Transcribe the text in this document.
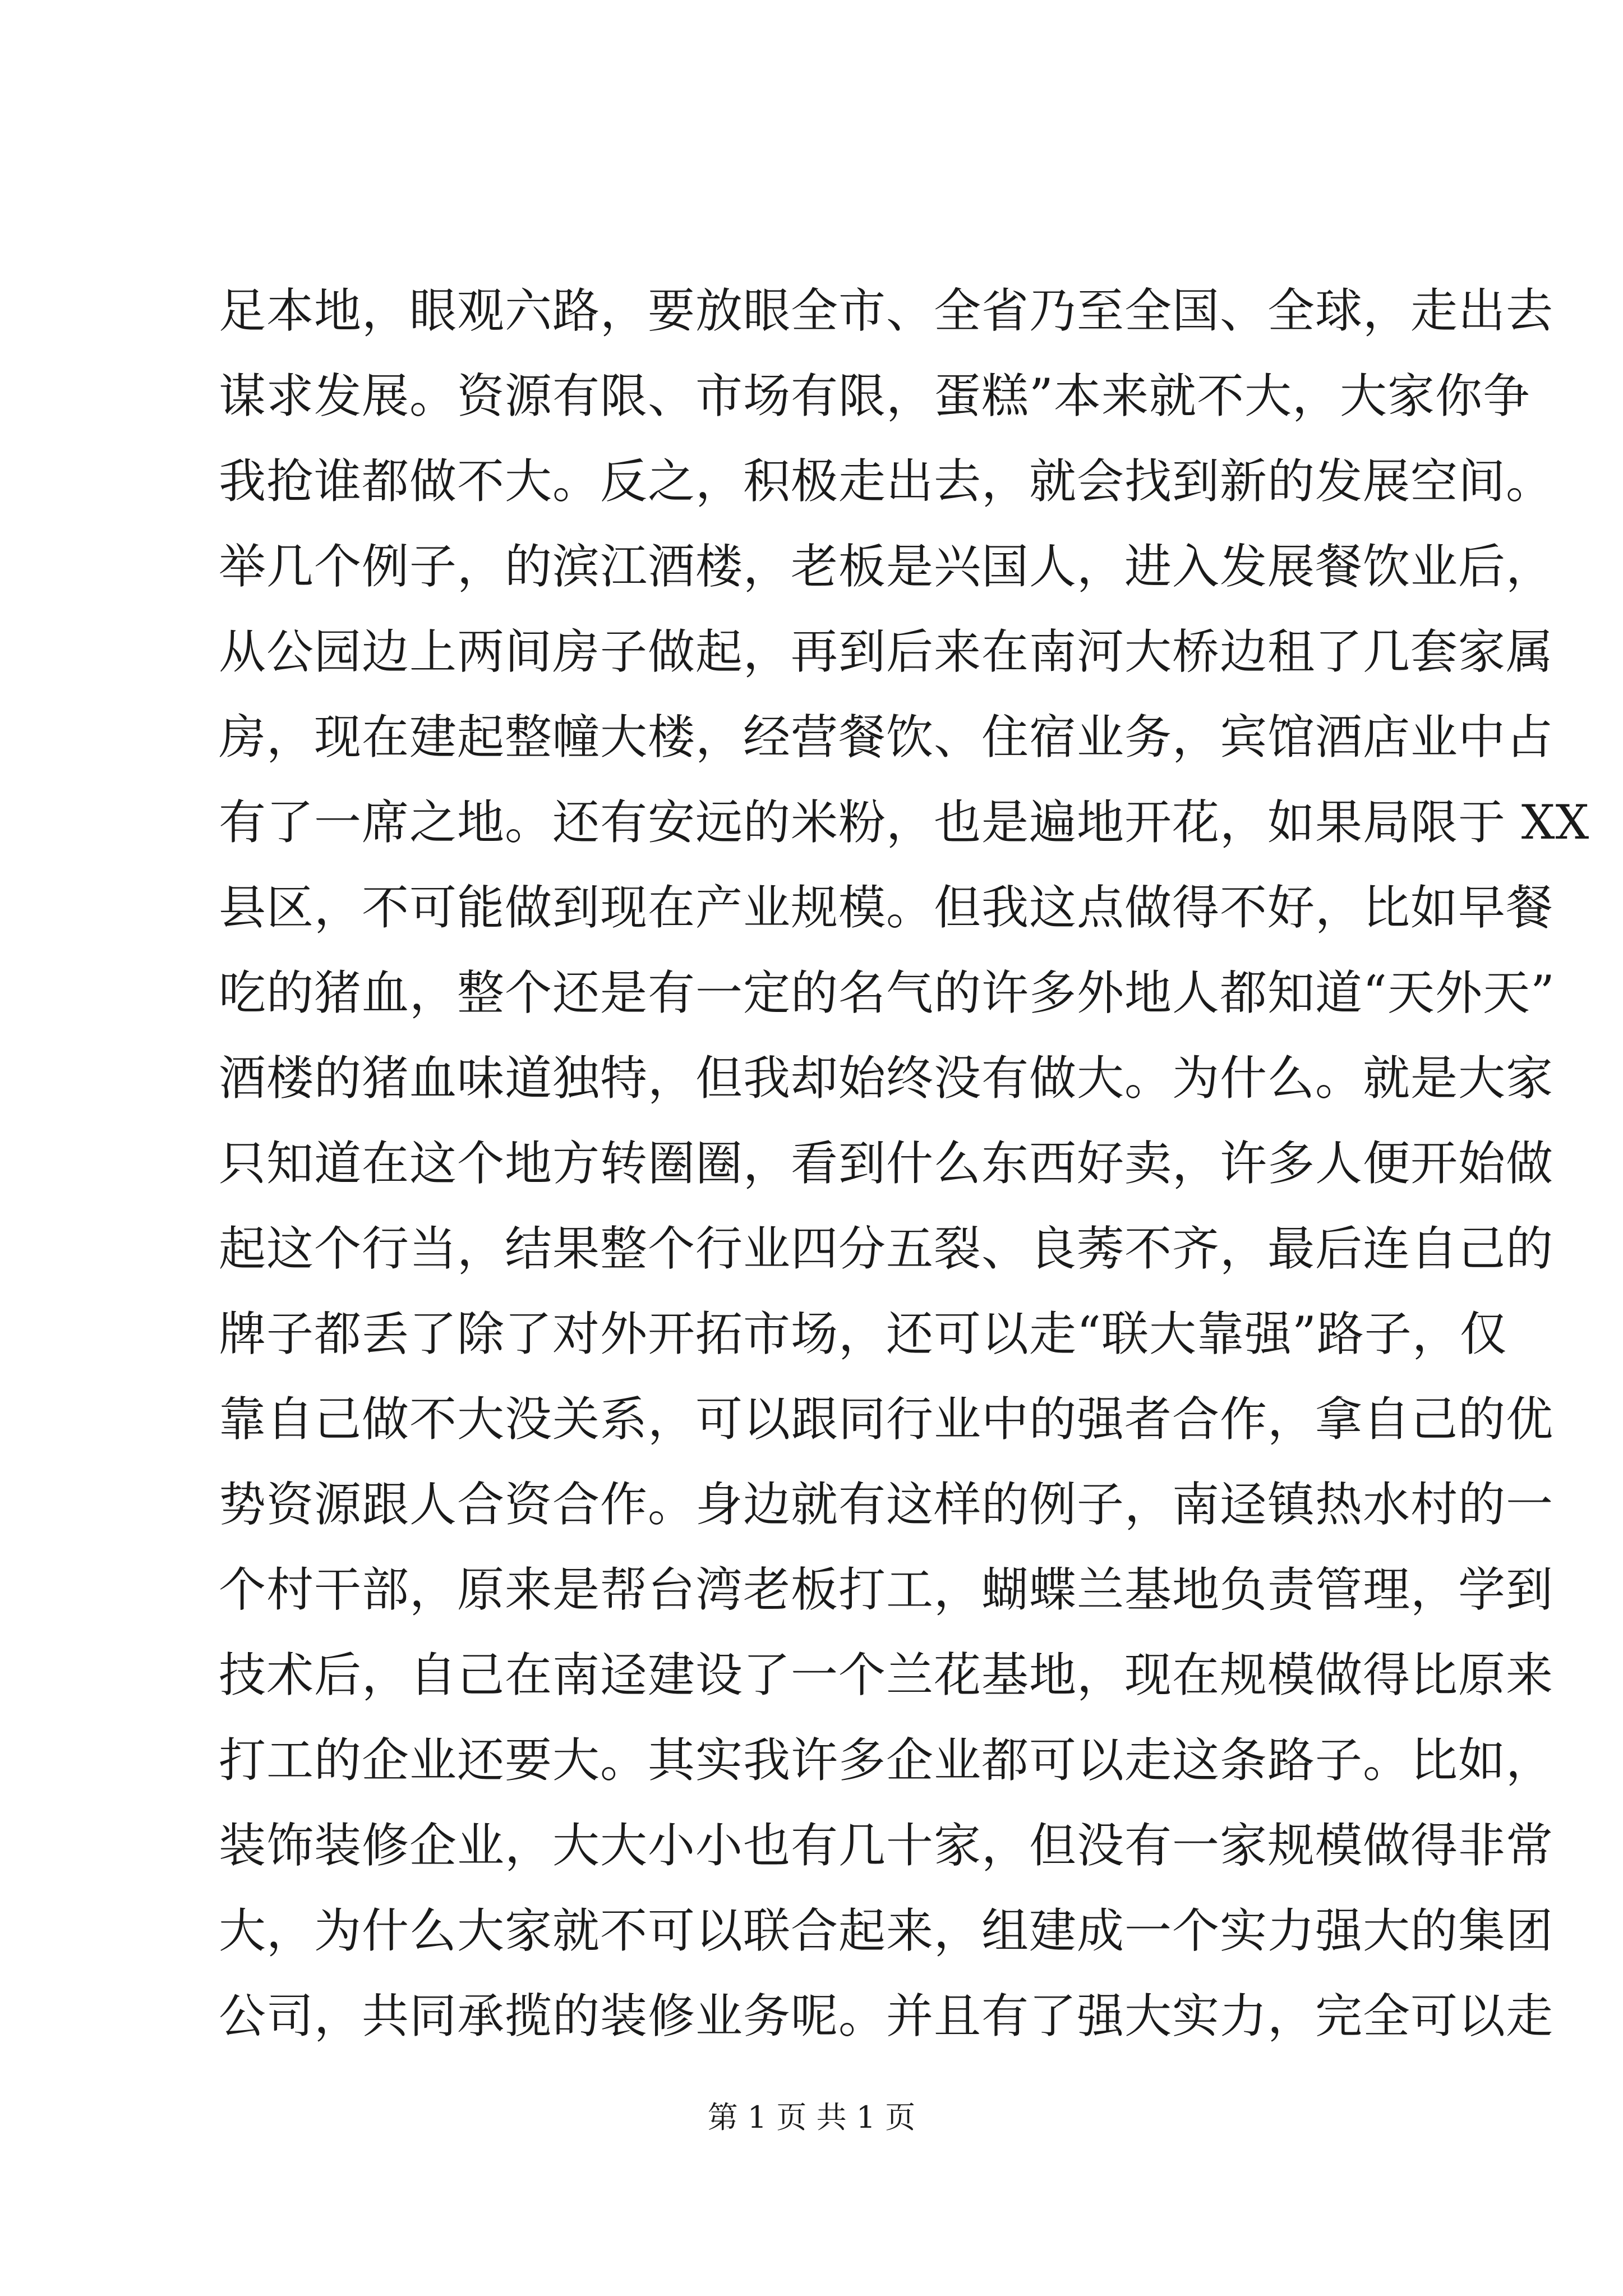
足本地，眼观六路，要放眼全市、全省乃至全国、全球，走出去
谋求发展。资源有限、市场有限，蛋糕”本来就不大，大家你争
我抢谁都做不大。反之，积极走出去，就会找到新的发展空间。
举几个例子，的滨江酒楼，老板是兴国人，进入发展餐饮业后，
从公园边上两间房子做起，再到后来在南河大桥边租了几套家属
房，现在建起整幢大楼，经营餐饮、住宿业务，宾馆酒店业中占
有了一席之地。还有安远的米粉，也是遍地开花，如果局限于 XX
县区，不可能做到现在产业规模。但我这点做得不好，比如早餐
吃的猪血，整个还是有一定的名气的许多外地人都知道“天外天”
酒楼的猪血味道独特，但我却始终没有做大。为什么。就是大家
只知道在这个地方转圈圈，看到什么东西好卖，许多人便开始做
起这个行当，结果整个行业四分五裂、良莠不齐，最后连自己的
牌子都丢了除了对外开拓市场，还可以走“联大靠强”路子，仅
靠自己做不大没关系，可以跟同行业中的强者合作，拿自己的优
势资源跟人合资合作。身边就有这样的例子，南迳镇热水村的一
个村干部，原来是帮台湾老板打工，蝴蝶兰基地负责管理，学到
技术后，自己在南迳建设了一个兰花基地，现在规模做得比原来
打工的企业还要大。其实我许多企业都可以走这条路子。比如，
装饰装修企业，大大小小也有几十家，但没有一家规模做得非常
大，为什么大家就不可以联合起来，组建成一个实力强大的集团
公司，共同承揽的装修业务呢。并且有了强大实力，完全可以走
第 1 页 共 1 页
